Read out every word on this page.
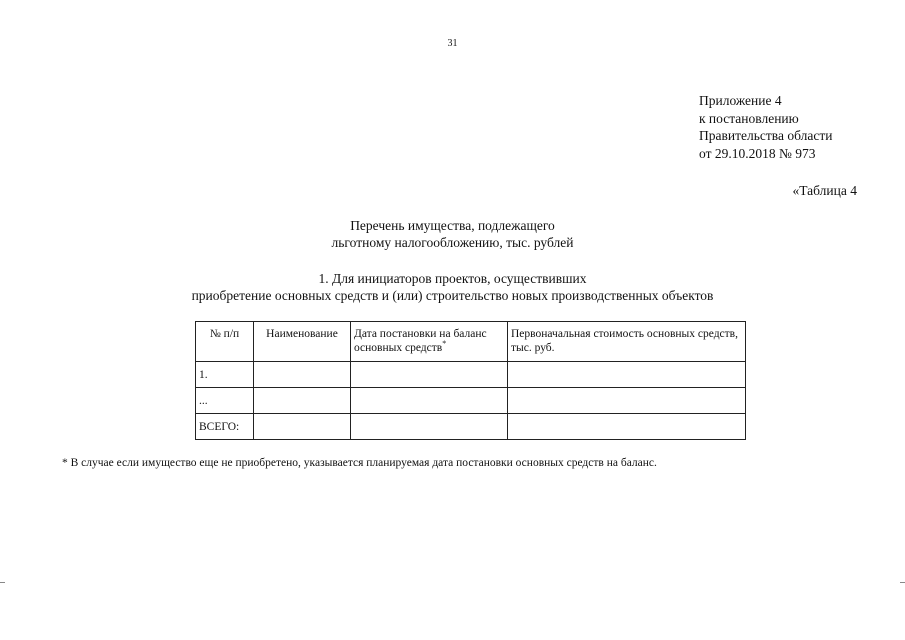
31
Приложение 4
к постановлению
Правительства области
от 29.10.2018 № 973
«Таблица 4
Перечень имущества, подлежащего
льготному налогообложению, тыс. рублей
1. Для инициаторов проектов, осуществивших
приобретение основных средств и (или) строительство новых производственных объектов
№ п/п	Наименование	Дата постановки на баланс основных средств*	Первоначальная стоимость основных средств, тыс. руб.
1.			
...			
ВСЕГО:			
* В случае если имущество еще не приобретено, указывается планируемая дата постановки основных средств на баланс.
